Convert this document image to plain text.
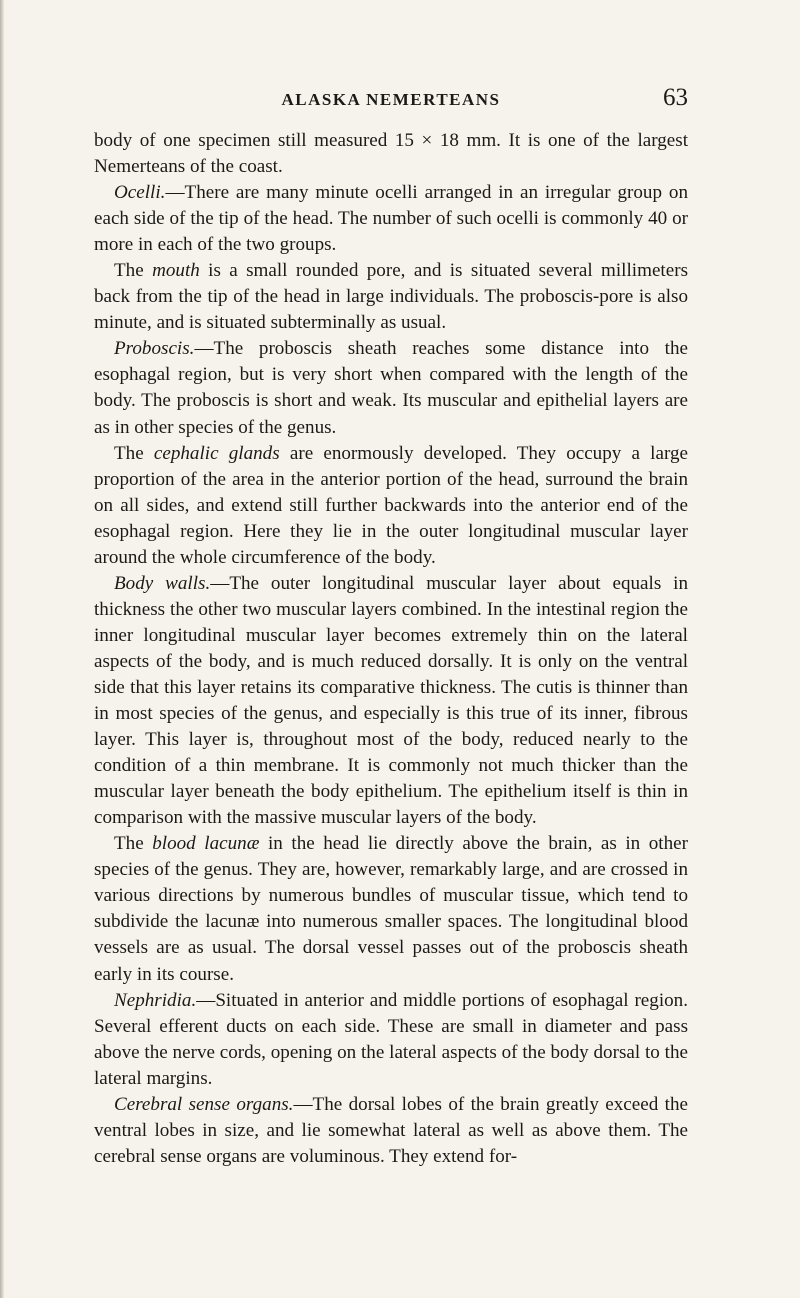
ALASKA NEMERTEANS	63

body of one specimen still measured 15 × 18 mm. It is one of the largest Nemerteans of the coast.

Ocelli.—There are many minute ocelli arranged in an irregular group on each side of the tip of the head. The number of such ocelli is commonly 40 or more in each of the two groups.

The mouth is a small rounded pore, and is situated several millimeters back from the tip of the head in large individuals. The proboscis-pore is also minute, and is situated subterminally as usual.

Proboscis.—The proboscis sheath reaches some distance into the esophagal region, but is very short when compared with the length of the body. The proboscis is short and weak. Its muscular and epithelial layers are as in other species of the genus.

The cephalic glands are enormously developed. They occupy a large proportion of the area in the anterior portion of the head, surround the brain on all sides, and extend still further backwards into the anterior end of the esophagal region. Here they lie in the outer longitudinal muscular layer around the whole circumference of the body.

Body walls.—The outer longitudinal muscular layer about equals in thickness the other two muscular layers combined. In the intestinal region the inner longitudinal muscular layer becomes extremely thin on the lateral aspects of the body, and is much reduced dorsally. It is only on the ventral side that this layer retains its comparative thickness. The cutis is thinner than in most species of the genus, and especially is this true of its inner, fibrous layer. This layer is, throughout most of the body, reduced nearly to the condition of a thin membrane. It is commonly not much thicker than the muscular layer beneath the body epithelium. The epithelium itself is thin in comparison with the massive muscular layers of the body.

The blood lacunæ in the head lie directly above the brain, as in other species of the genus. They are, however, remarkably large, and are crossed in various directions by numerous bundles of muscular tissue, which tend to subdivide the lacunæ into numerous smaller spaces. The longitudinal blood vessels are as usual. The dorsal vessel passes out of the proboscis sheath early in its course.

Nephridia.—Situated in anterior and middle portions of esophagal region. Several efferent ducts on each side. These are small in diameter and pass above the nerve cords, opening on the lateral aspects of the body dorsal to the lateral margins.

Cerebral sense organs.—The dorsal lobes of the brain greatly exceed the ventral lobes in size, and lie somewhat lateral as well as above them. The cerebral sense organs are voluminous. They extend for-
